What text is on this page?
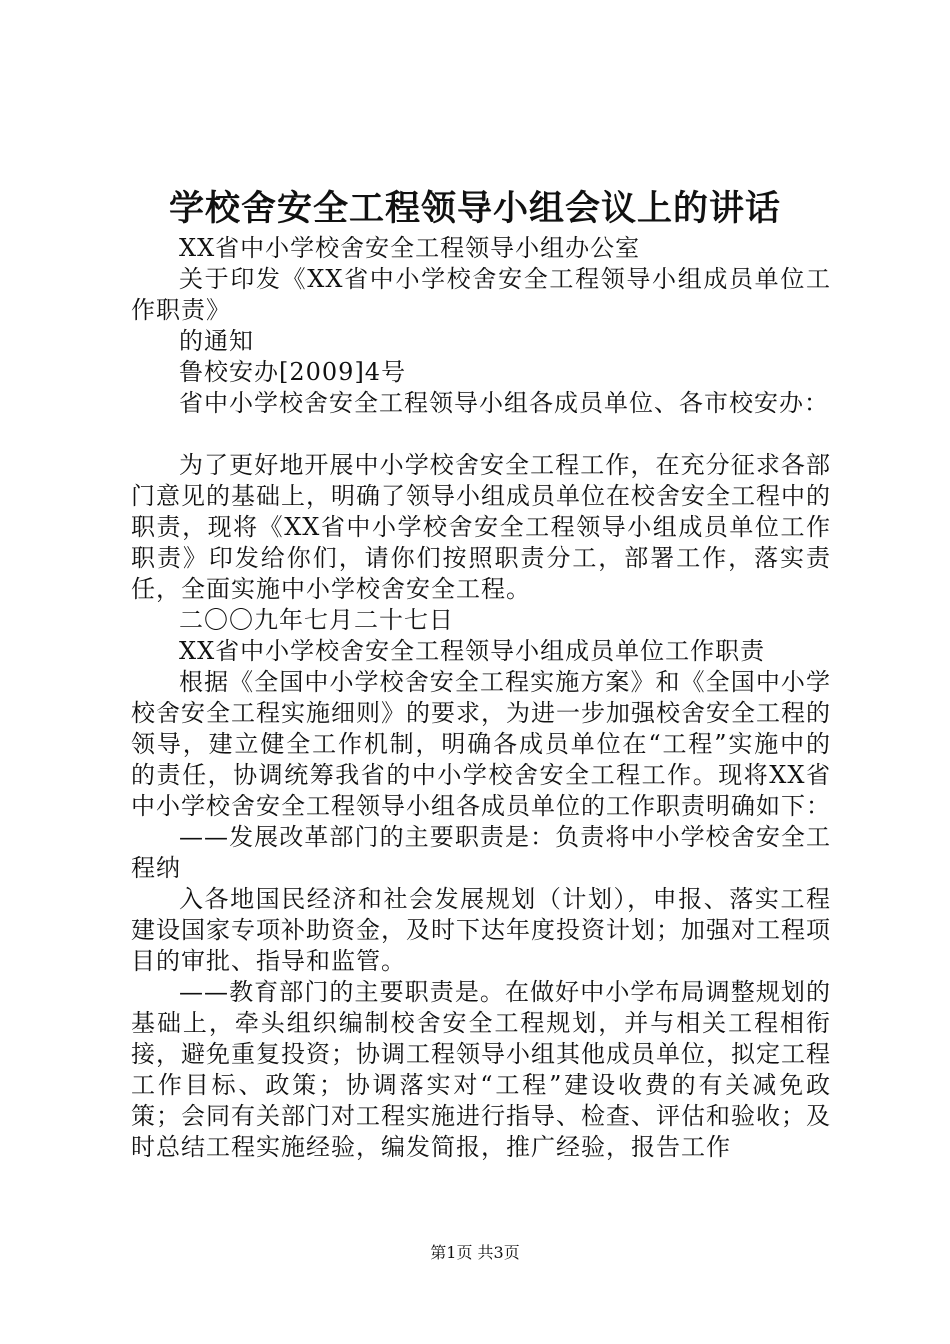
学校舍安全工程领导小组会议上的讲话

XX省中小学校舍安全工程领导小组办公室

关于印发《XX省中小学校舍安全工程领导小组成员单位工作职责》

的通知

鲁校安办[2009]4号

省中小学校舍安全工程领导小组各成员单位、各市校安办：

为了更好地开展中小学校舍安全工程工作，在充分征求各部门意见的基础上，明确了领导小组成员单位在校舍安全工程中的职责，现将《XX省中小学校舍安全工程领导小组成员单位工作职责》印发给你们，请你们按照职责分工，部署工作，落实责任，全面实施中小学校舍安全工程。

二〇〇九年七月二十七日

XX省中小学校舍安全工程领导小组成员单位工作职责

根据《全国中小学校舍安全工程实施方案》和《全国中小学校舍安全工程实施细则》的要求，为进一步加强校舍安全工程的领导，建立健全工作机制，明确各成员单位在“工程”实施中的的责任，协调统筹我省的中小学校舍安全工程工作。现将XX省中小学校舍安全工程领导小组各成员单位的工作职责明确如下：

——发展改革部门的主要职责是：负责将中小学校舍安全工程纳

入各地国民经济和社会发展规划（计划），申报、落实工程建设国家专项补助资金，及时下达年度投资计划；加强对工程项目的审批、指导和监管。

——教育部门的主要职责是。在做好中小学布局调整规划的基础上，牵头组织编制校舍安全工程规划，并与相关工程相衔接，避免重复投资；协调工程领导小组其他成员单位，拟定工程工作目标、政策；协调落实对“工程”建设收费的有关减免政策；会同有关部门对工程实施进行指导、检查、评估和验收；及时总结工程实施经验，编发简报，推广经验，报告工作

第1页 共3页
